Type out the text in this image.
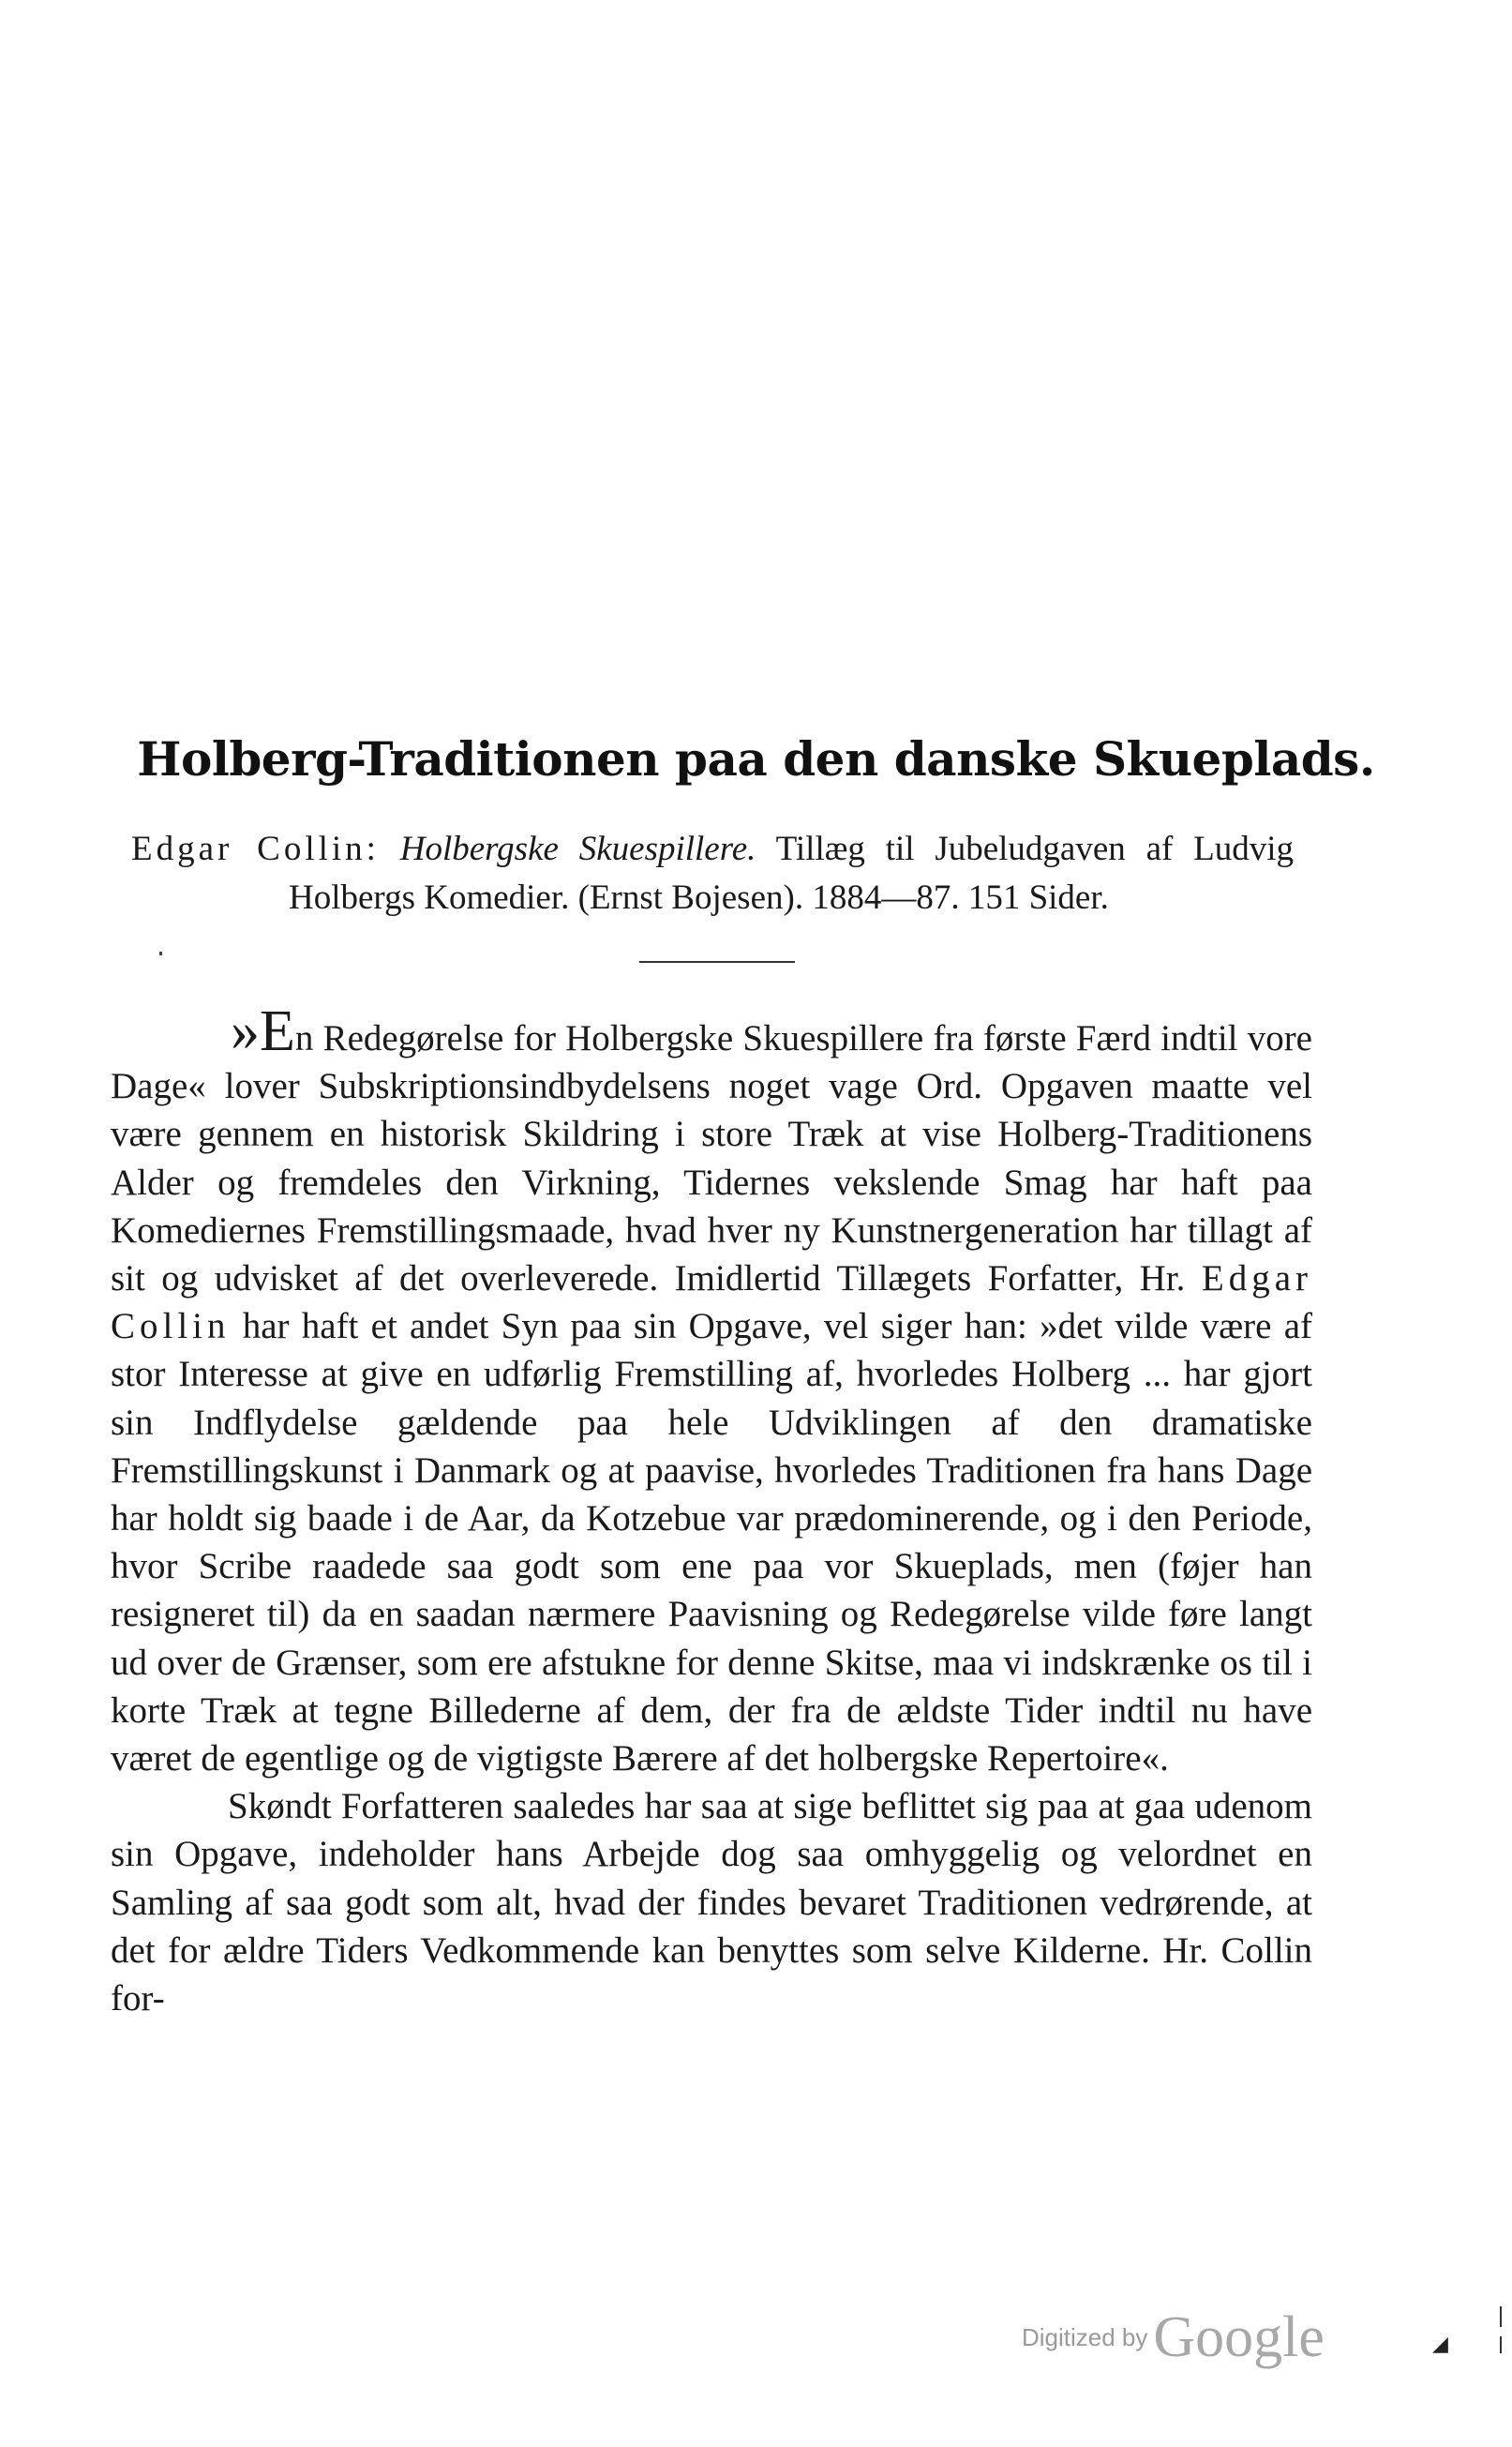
Holberg-Traditionen paa den danske Skueplads.
Edgar Collin: Holbergske Skuespillere. Tillæg til Jubeludgaven af Ludvig
Holbergs Komedier. (Ernst Bojesen). 1884—87. 151 Sider.

»En Redegørelse for Holbergske Skuespillere fra første Færd indtil vore Dage« lover Subskriptionsindbydelsens noget vage Ord. Opgaven maatte vel være gennem en historisk Skildring i store Træk at vise Holberg-Traditionens Alder og fremdeles den Virkning, Tidernes vekslende Smag har haft paa Komediernes Fremstillingsmaade, hvad hver ny Kunstnergeneration har tillagt af sit og udvisket af det overleverede. Imidlertid Tillægets Forfatter, Hr. Edgar Collin har haft et andet Syn paa sin Opgave, vel siger han: »det vilde være af stor Interesse at give en udførlig Fremstilling af, hvorledes Holberg ... har gjort sin Indflydelse gældende paa hele Udviklingen af den dramatiske Fremstillingskunst i Danmark og at paavise, hvorledes Traditionen fra hans Dage har holdt sig baade i de Aar, da Kotzebue var prædominerende, og i den Periode, hvor Scribe raadede saa godt som ene paa vor Skueplads, men (føjer han resigneret til) da en saadan nærmere Paavisning og Redegørelse vilde føre langt ud over de Grænser, som ere afstukne for denne Skitse, maa vi indskrænke os til i korte Træk at tegne Billederne af dem, der fra de ældste Tider indtil nu have været de egentlige og de vigtigste Bærere af det holbergske Repertoire«.

Skøndt Forfatteren saaledes har saa at sige beflittet sig paa at gaa udenom sin Opgave, indeholder hans Arbejde dog saa omhyggelig og velordnet en Samling af saa godt som alt, hvad der findes bevaret Traditionen vedrørende, at det for ældre Tiders Vedkommende kan benyttes som selve Kilderne. Hr. Collin for-

Digitized byGoogle	◢
